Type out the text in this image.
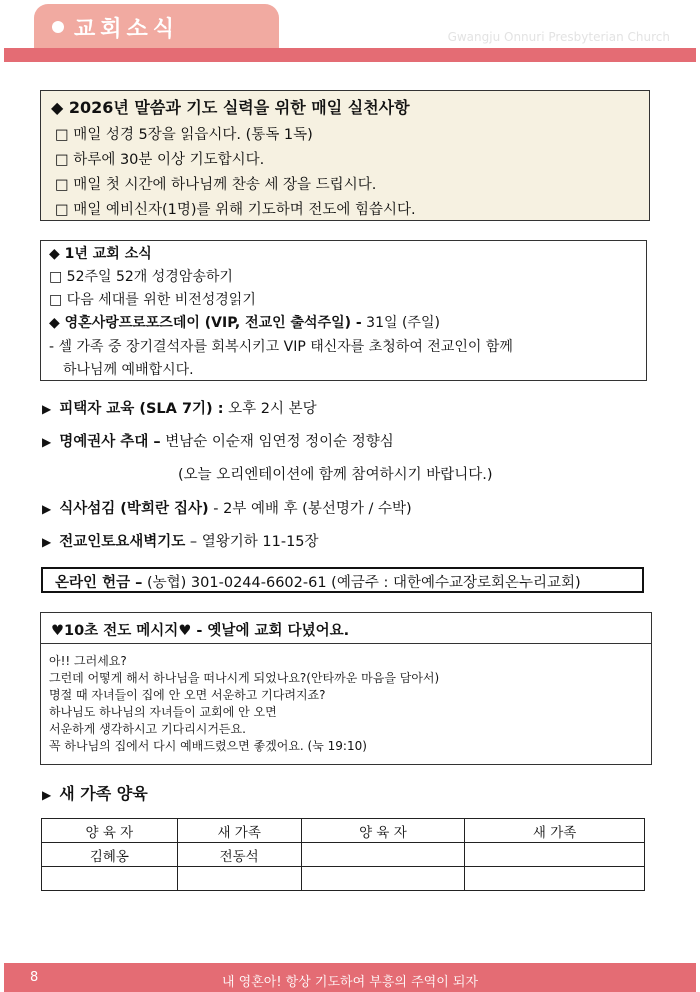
교회소식	Gwangju Onnuri Presbyterian Church
◆ 2026년 말씀과 기도 실력을 위한 매일 실천사항
□ 매일 성경 5장을 읽읍시다. (통독 1독)
□ 하루에 30분 이상 기도합시다.
□ 매일 첫 시간에 하나님께 찬송 세 장을 드립시다.
□ 매일 예비신자(1명)를 위해 기도하며 전도에 힘씁시다.
◆ 1년 교회 소식
□ 52주일 52개 성경암송하기
□ 다음 세대를 위한 비전성경읽기
◆ 영혼사랑프로포즈데이 (VIP, 전교인 출석주일) - 31일 (주일)
- 셀 가족 중 장기결석자를 회복시키고 VIP 태신자를 초청하여 전교인이 함께
하나님께 예배합시다.
▶ 피택자 교육 (SLA 7기) : 오후 2시 본당
▶ 명예권사 추대 – 변남순 이순재 임연정 정이순 정향심
(오늘 오리엔테이션에 함께 참여하시기 바랍니다.)
▶ 식사섬김 (박희란 집사) - 2부 예배 후 (봉선명가 / 수박)
▶ 전교인토요새벽기도 – 열왕기하 11-15장
온라인 헌금 – (농협) 301-0244-6602-61 (예금주 : 대한예수교장로회온누리교회)
♥10초 전도 메시지♥ - 옛날에 교회 다녔어요.
아!! 그러세요?
그런데 어떻게 해서 하나님을 떠나시게 되었나요?(안타까운 마음을 담아서)
명절 때 자녀들이 집에 안 오면 서운하고 기다려지죠?
하나님도 하나님의 자녀들이 교회에 안 오면
서운하게 생각하시고 기다리시거든요.
꼭 하나님의 집에서 다시 예배드렸으면 좋겠어요. (눅 19:10)
▶ 새 가족 양육
양 육 자	새 가족	양 육 자	새 가족
김혜옹	전동석		

8	내 영혼아! 항상 기도하여 부흥의 주역이 되자
